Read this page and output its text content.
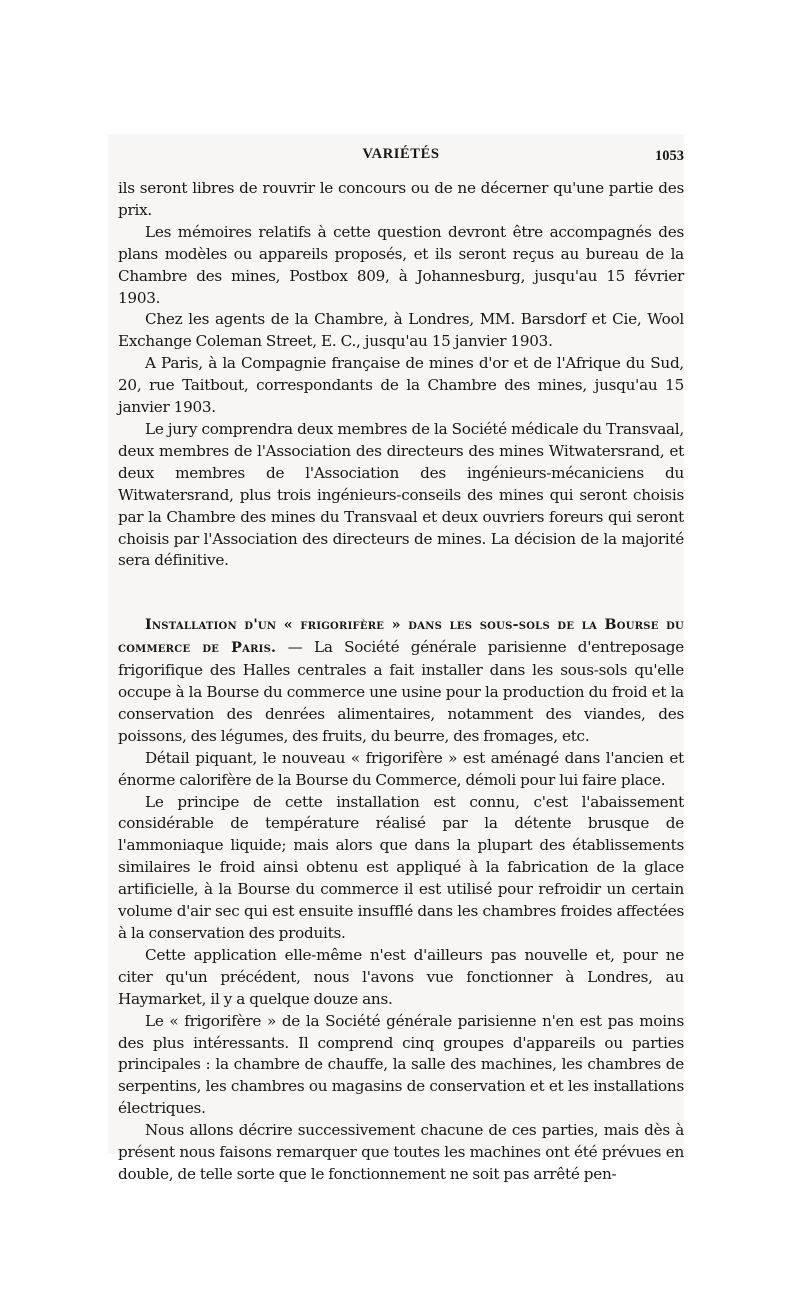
VARIÉTÉS	1053

ils seront libres de rouvrir le concours ou de ne décerner qu'une partie des prix.

Les mémoires relatifs à cette question devront être accompagnés des plans modèles ou appareils proposés, et ils seront reçus au bureau de la Chambre des mines, Postbox 809, à Johannesburg, jusqu'au 15 février 1903.

Chez les agents de la Chambre, à Londres, MM. Barsdorf et Cie, Wool Exchange Coleman Street, E. C., jusqu'au 15 janvier 1903.

A Paris, à la Compagnie française de mines d'or et de l'Afrique du Sud, 20, rue Taitbout, correspondants de la Chambre des mines, jusqu'au 15 janvier 1903.

Le jury comprendra deux membres de la Société médicale du Transvaal, deux membres de l'Association des directeurs des mines Witwatersrand, et deux membres de l'Association des ingénieurs-mécaniciens du Witwatersrand, plus trois ingénieurs-conseils des mines qui seront choisis par la Chambre des mines du Transvaal et deux ouvriers foreurs qui seront choisis par l'Association des directeurs de mines. La décision de la majorité sera définitive.

Installation d'un « frigorifère » dans les sous-sols de la Bourse du commerce de Paris. — La Société générale parisienne d'entreposage frigorifique des Halles centrales a fait installer dans les sous-sols qu'elle occupe à la Bourse du commerce une usine pour la production du froid et la conservation des denrées alimentaires, notamment des viandes, des poissons, des légumes, des fruits, du beurre, des fromages, etc.

Détail piquant, le nouveau « frigorifère » est aménagé dans l'ancien et énorme calorifère de la Bourse du Commerce, démoli pour lui faire place.

Le principe de cette installation est connu, c'est l'abaissement considérable de température réalisé par la détente brusque de l'ammoniaque liquide; mais alors que dans la plupart des établissements similaires le froid ainsi obtenu est appliqué à la fabrication de la glace artificielle, à la Bourse du commerce il est utilisé pour refroidir un certain volume d'air sec qui est ensuite insufflé dans les chambres froides affectées à la conservation des produits.

Cette application elle-même n'est d'ailleurs pas nouvelle et, pour ne citer qu'un précédent, nous l'avons vue fonctionner à Londres, au Haymarket, il y a quelque douze ans.

Le « frigorifère » de la Société générale parisienne n'en est pas moins des plus intéressants. Il comprend cinq groupes d'appareils ou parties principales : la chambre de chauffe, la salle des machines, les chambres de serpentins, les chambres ou magasins de conservation et et les installations électriques.

Nous allons décrire successivement chacune de ces parties, mais dès à présent nous faisons remarquer que toutes les machines ont été prévues en double, de telle sorte que le fonctionnement ne soit pas arrêté pen-
